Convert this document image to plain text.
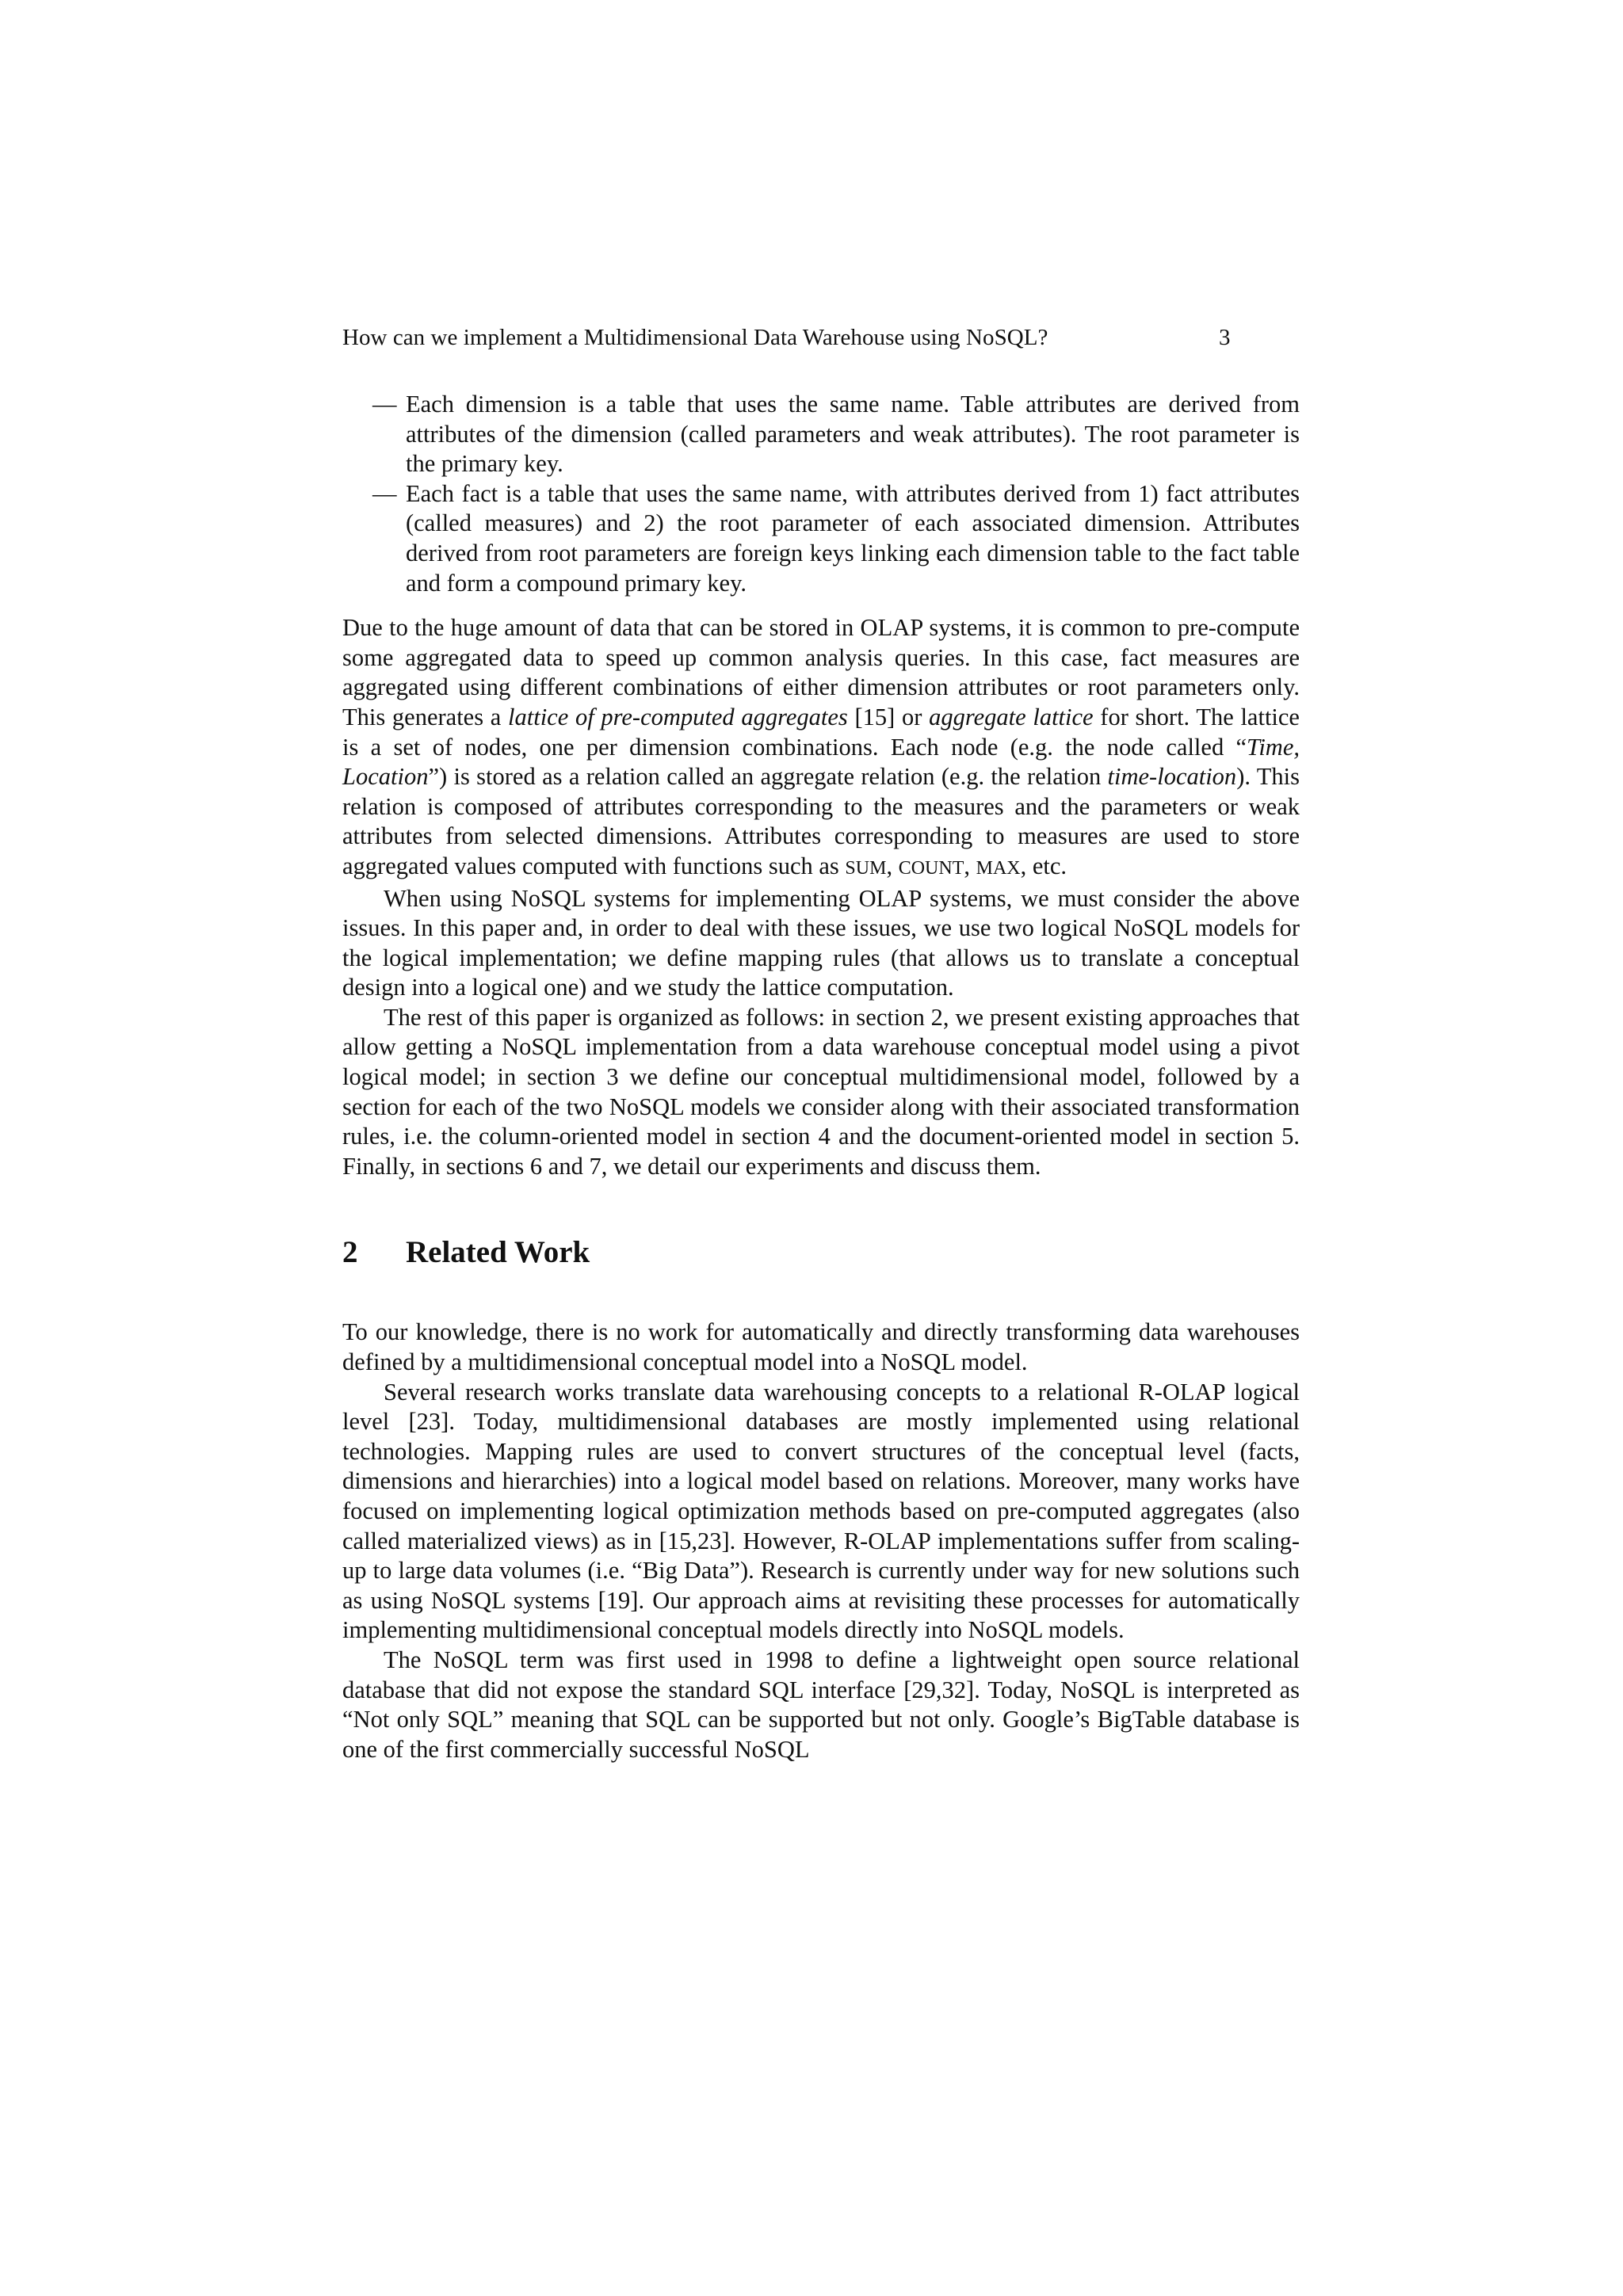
How can we implement a Multidimensional Data Warehouse using NoSQL?	3
— Each dimension is a table that uses the same name. Table attributes are derived from attributes of the dimension (called parameters and weak attributes). The root parameter is the primary key.
— Each fact is a table that uses the same name, with attributes derived from 1) fact attributes (called measures) and 2) the root parameter of each associated dimension. Attributes derived from root parameters are foreign keys linking each dimension table to the fact table and form a compound primary key.

Due to the huge amount of data that can be stored in OLAP systems, it is common to pre-compute some aggregated data to speed up common analysis queries. In this case, fact measures are aggregated using different combinations of either dimension attributes or root parameters only. This generates a lattice of pre-computed aggregates [15] or aggregate lattice for short. The lattice is a set of nodes, one per dimension combinations. Each node (e.g. the node called “Time, Location”) is stored as a relation called an aggregate relation (e.g. the relation time-location). This relation is composed of attributes corresponding to the measures and the parameters or weak attributes from selected dimensions. Attributes corresponding to measures are used to store aggregated values computed with functions such as SUM, COUNT, MAX, etc.

When using NoSQL systems for implementing OLAP systems, we must consider the above issues. In this paper and, in order to deal with these issues, we use two logical NoSQL models for the logical implementation; we define mapping rules (that allows us to translate a conceptual design into a logical one) and we study the lattice computation.

The rest of this paper is organized as follows: in section 2, we present existing approaches that allow getting a NoSQL implementation from a data warehouse conceptual model using a pivot logical model; in section 3 we define our conceptual multidimensional model, followed by a section for each of the two NoSQL models we consider along with their associated transformation rules, i.e. the column-oriented model in section 4 and the document-oriented model in section 5. Finally, in sections 6 and 7, we detail our experiments and discuss them.

2 Related Work

To our knowledge, there is no work for automatically and directly transforming data warehouses defined by a multidimensional conceptual model into a NoSQL model.

Several research works translate data warehousing concepts to a relational R-OLAP logical level [23]. Today, multidimensional databases are mostly implemented using relational technologies. Mapping rules are used to convert structures of the conceptual level (facts, dimensions and hierarchies) into a logical model based on relations. Moreover, many works have focused on implementing logical optimization methods based on pre-computed aggregates (also called materialized views) as in [15,23]. However, R-OLAP implementations suffer from scaling-up to large data volumes (i.e. “Big Data”). Research is currently under way for new solutions such as using NoSQL systems [19]. Our approach aims at revisiting these processes for automatically implementing multidimensional conceptual models directly into NoSQL models.

The NoSQL term was first used in 1998 to define a lightweight open source relational database that did not expose the standard SQL interface [29,32]. Today, NoSQL is interpreted as “Not only SQL” meaning that SQL can be supported but not only. Google’s BigTable database is one of the first commercially successful NoSQL
